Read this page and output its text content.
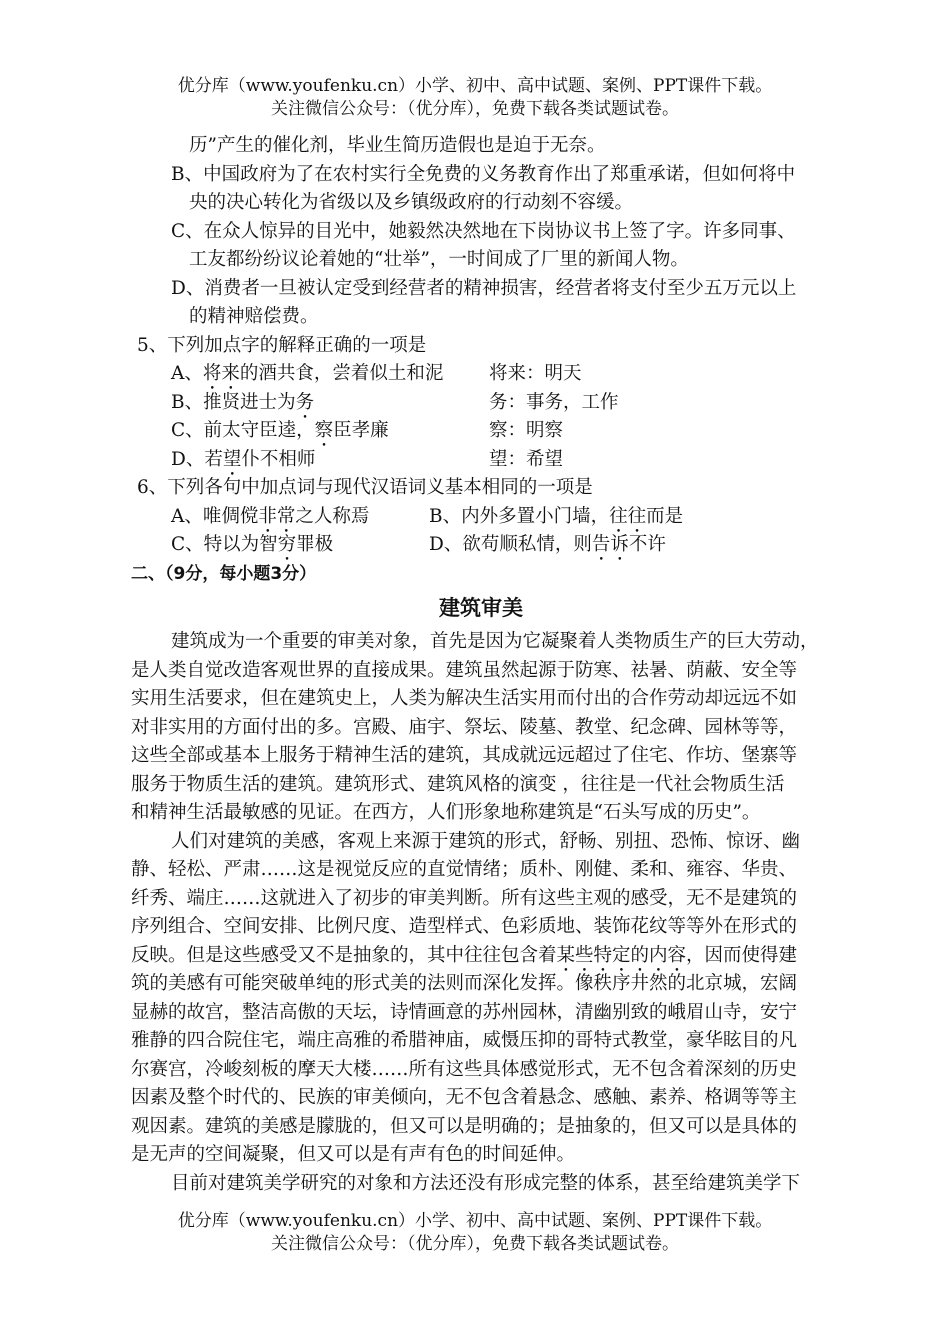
优分库（www.youfenku.cn）小学、初中、高中试题、案例、PPT课件下载。
关注微信公众号：（优分库），免费下载各类试题试卷。
历”产生的催化剂，毕业生简历造假也是迫于无奈。
B、中国政府为了在农村实行全免费的义务教育作出了郑重承诺，但如何将中
央的决心转化为省级以及乡镇级政府的行动刻不容缓。
C、在众人惊异的目光中，她毅然决然地在下岗协议书上签了字。许多同事、
工友都纷纷议论着她的“壮举”，一时间成了厂里的新闻人物。
D、消费者一旦被认定受到经营者的精神损害，经营者将支付至少五万元以上
的精神赔偿费。
5、下列加点字的解释正确的一项是
A、将来的酒共食，尝着似土和泥	将来：明天
B、推贤进士为务	务：事务，工作
C、前太守臣逵，察臣孝廉	察：明察
D、若望仆不相师	望：希望
6、下列各句中加点词与现代汉语词义基本相同的一项是
A、唯倜傥非常之人称焉	B、内外多置小门墙，往往而是
C、特以为智穷罪极	D、欲苟顺私情，则告诉不许
二、（9分，每小题3分）
建筑审美
建筑成为一个重要的审美对象，首先是因为它凝聚着人类物质生产的巨大劳动，
是人类自觉改造客观世界的直接成果。建筑虽然起源于防寒、祛暑、荫蔽、安全等
实用生活要求，但在建筑史上，人类为解决生活实用而付出的合作劳动却远远不如
对非实用的方面付出的多。宫殿、庙宇、祭坛、陵墓、教堂、纪念碑、园林等等，
这些全部或基本上服务于精神生活的建筑，其成就远远超过了住宅、作坊、堡寨等
服务于物质生活的建筑。建筑形式、建筑风格的演变 ，往往是一代社会物质生活
和精神生活最敏感的见证。在西方，人们形象地称建筑是“石头写成的历史”。
人们对建筑的美感，客观上来源于建筑的形式，舒畅、别扭、恐怖、惊讶、幽
静、轻松、严肃……这是视觉反应的直觉情绪；质朴、刚健、柔和、雍容、华贵、
纤秀、端庄……这就进入了初步的审美判断。所有这些主观的感受，无不是建筑的
序列组合、空间安排、比例尺度、造型样式、色彩质地、装饰花纹等等外在形式的
反映。但是这些感受又不是抽象的，其中往往包含着某些特定的内容，因而使得建
筑的美感有可能突破单纯的形式美的法则而深化发挥。像秩序井然的北京城，宏阔
显赫的故宫，整洁高傲的天坛，诗情画意的苏州园林，清幽别致的峨眉山寺，安宁
雅静的四合院住宅，端庄高雅的希腊神庙，威慑压抑的哥特式教堂，豪华眩目的凡
尔赛宫，冷峻刻板的摩天大楼……所有这些具体感觉形式，无不包含着深刻的历史
因素及整个时代的、民族的审美倾向，无不包含着悬念、感触、素养、格调等等主
观因素。建筑的美感是朦胧的，但又可以是明确的；是抽象的，但又可以是具体的
是无声的空间凝聚，但又可以是有声有色的时间延伸。
目前对建筑美学研究的对象和方法还没有形成完整的体系，甚至给建筑美学下
优分库（www.youfenku.cn）小学、初中、高中试题、案例、PPT课件下载。
关注微信公众号：（优分库），免费下载各类试题试卷。
